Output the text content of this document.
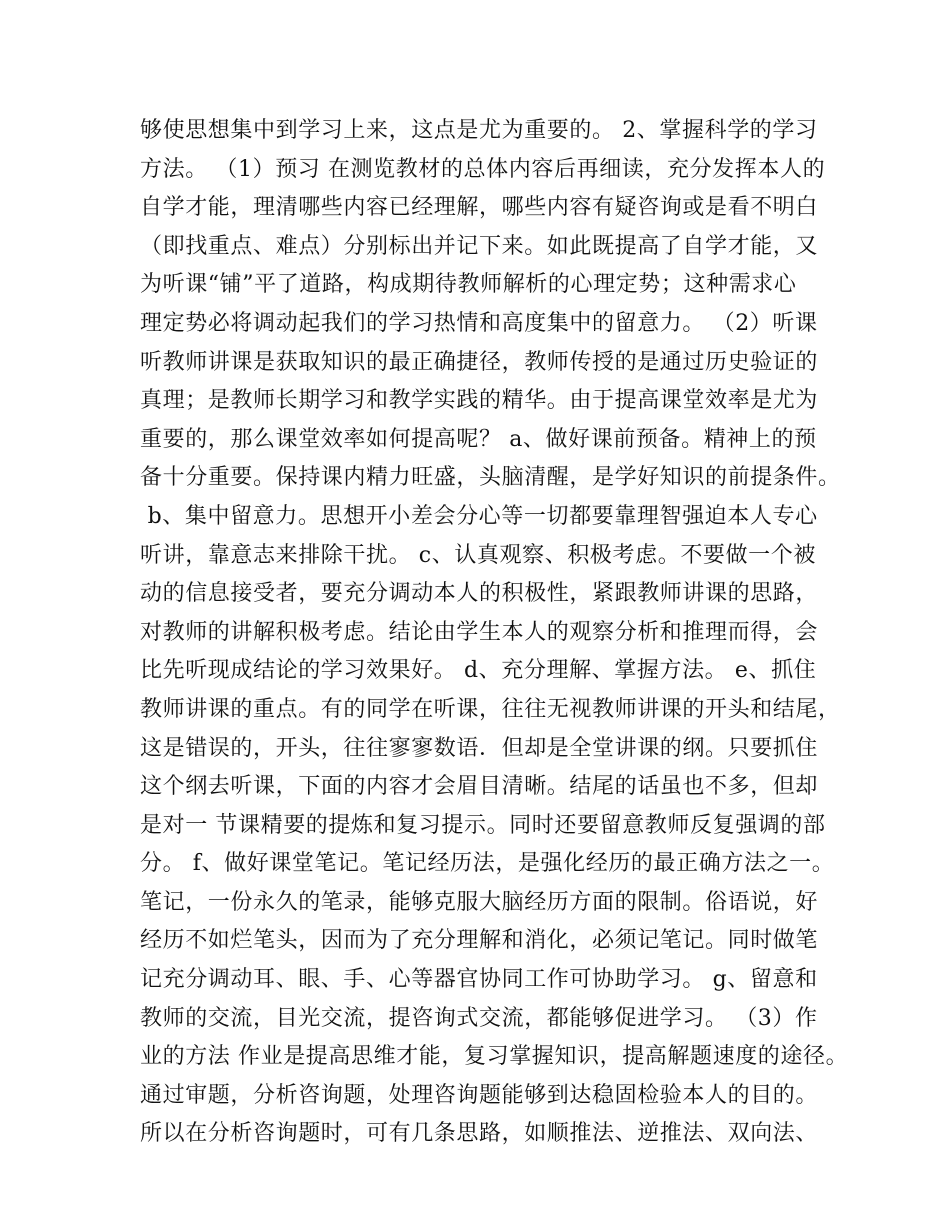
够使思想集中到学习上来，这点是尤为重要的。 2、掌握科学的学习
方法。 （1）预习 在测览教材的总体内容后再细读，充分发挥本人的
自学才能，理清哪些内容已经理解，哪些内容有疑咨询或是看不明白
（即找重点、难点）分别标出并记下来。如此既提高了自学才能，又
为听课“铺”平了道路，构成期待教师解析的心理定势；这种需求心
理定势必将调动起我们的学习热情和高度集中的留意力。 （2）听课
听教师讲课是获取知识的最正确捷径，教师传授的是通过历史验证的
真理；是教师长期学习和教学实践的精华。由于提高课堂效率是尤为
重要的，那么课堂效率如何提高呢？ a、做好课前预备。精神上的预
备十分重要。保持课内精力旺盛，头脑清醒，是学好知识的前提条件。
b、集中留意力。思想开小差会分心等一切都要靠理智强迫本人专心
听讲，靠意志来排除干扰。 c、认真观察、积极考虑。不要做一个被
动的信息接受者，要充分调动本人的积极性，紧跟教师讲课的思路，
对教师的讲解积极考虑。结论由学生本人的观察分析和推理而得，会
比先听现成结论的学习效果好。 d、充分理解、掌握方法。 e、抓住
教师讲课的重点。有的同学在听课，往往无视教师讲课的开头和结尾，
这是错误的，开头，往往寥寥数语．但却是全堂讲课的纲。只要抓住
这个纲去听课，下面的内容才会眉目清晰。结尾的话虽也不多，但却
是对一 节课精要的提炼和复习提示。同时还要留意教师反复强调的部
分。 f、做好课堂笔记。笔记经历法，是强化经历的最正确方法之一。
笔记，一份永久的笔录，能够克服大脑经历方面的限制。俗语说，好
经历不如烂笔头，因而为了充分理解和消化，必须记笔记。同时做笔
记充分调动耳、眼、手、心等器官协同工作可协助学习。 g、留意和
教师的交流，目光交流，提咨询式交流，都能够促进学习。 （3）作
业的方法 作业是提高思维才能，复习掌握知识，提高解题速度的途径。
通过审题，分析咨询题，处理咨询题能够到达稳固检验本人的目的。
所以在分析咨询题时，可有几条思路，如顺推法、逆推法、双向法、
